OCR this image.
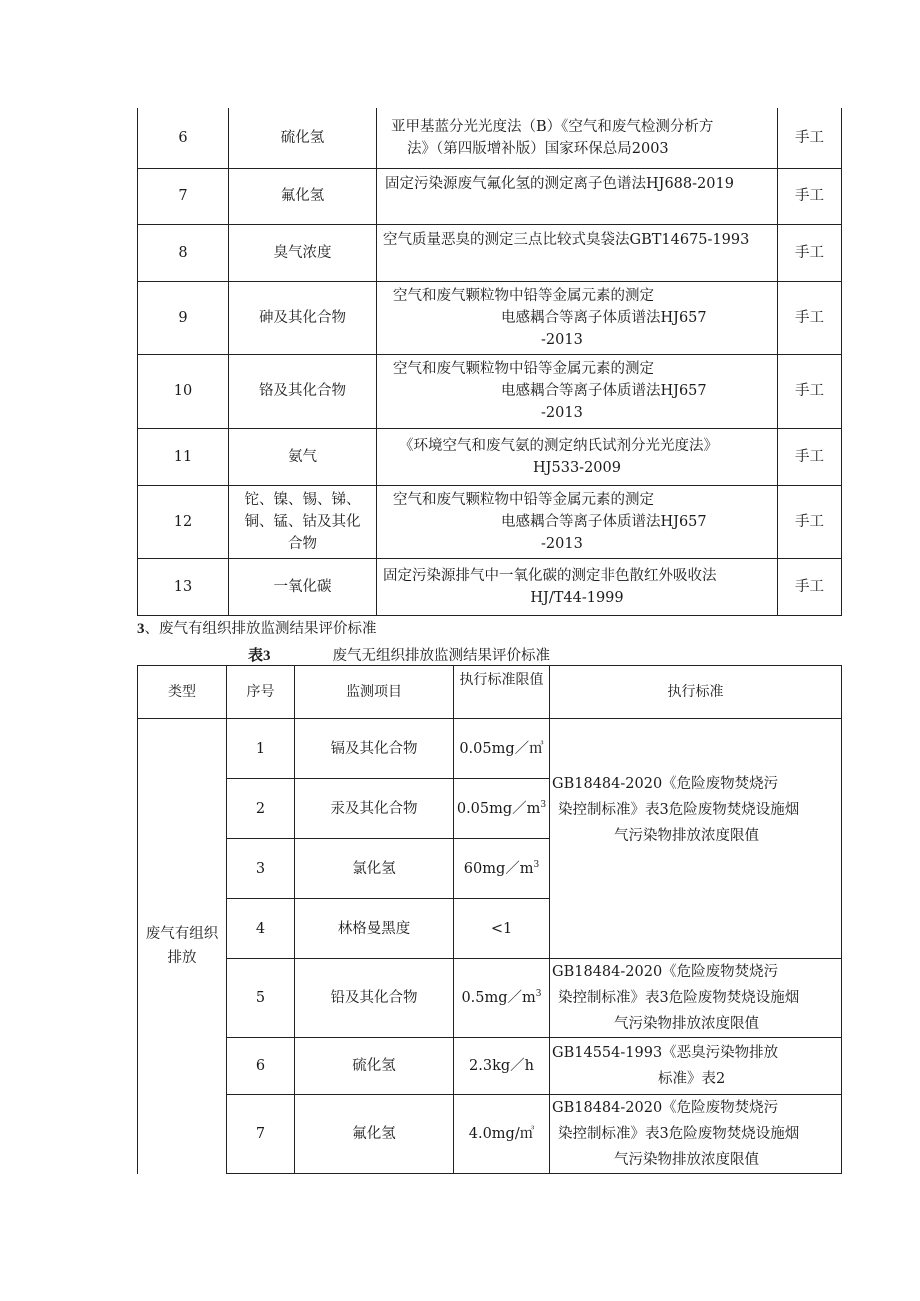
6	硫化氢	亚甲基蓝分光光度法（B）《空气和废气检测分析方
法》（第四版增补版）国家环保总局2003	手工
7	氟化氢	固定污染源废气氟化氢的测定离子色谱法HJ688-2019	手工
8	臭气浓度	空气质量恶臭的测定三点比较式臭袋法GBT14675-1993	手工
9	砷及其化合物	空气和废气颗粒物中铅等金属元素的测定
电感耦合等离子体质谱法HJ657
-2013	手工
10	铬及其化合物	空气和废气颗粒物中铅等金属元素的测定
电感耦合等离子体质谱法HJ657
-2013	手工
11	氨气	《环境空气和废气氨的测定纳氏试剂分光光度法》
HJ533-2009	手工
12	铊、镍、锡、锑、
铜、锰、钴及其化
合物	空气和废气颗粒物中铅等金属元素的测定
电感耦合等离子体质谱法HJ657
-2013	手工
13	一氧化碳	固定污染源排气中一氧化碳的测定非色散红外吸收法
HJ/T44-1999	手工
3、废气有组织排放监测结果评价标准
表3	废气无组织排放监测结果评价标准
类型	序号	监测项目	执行标准限值	执行标准

废气有组织
排放	1	镉及其化合物	0.05mg／㎥	GB18484-2020《危险废物焚烧污
染控制标准》表3危险废物焚烧设施烟
气污染物排放浓度限值

	2	汞及其化合物	$0.05mg/m^3$
	3	氯化氢	$60mg/m^3$
	4	林格曼黑度	<1	
	5	铅及其化合物	$0.5mg/m^3$	GB18484-2020《危险废物焚烧污
染控制标准》表3危险废物焚烧设施烟
气污染物排放浓度限值

	6	硫化氢	2.3kg／h	GB14554-1993《恶臭污染物排放
标准》表2

	7	氟化氢	4.0mg/㎥	GB18484-2020《危险废物焚烧污
染控制标准》表3危险废物焚烧设施烟
气污染物排放浓度限值
